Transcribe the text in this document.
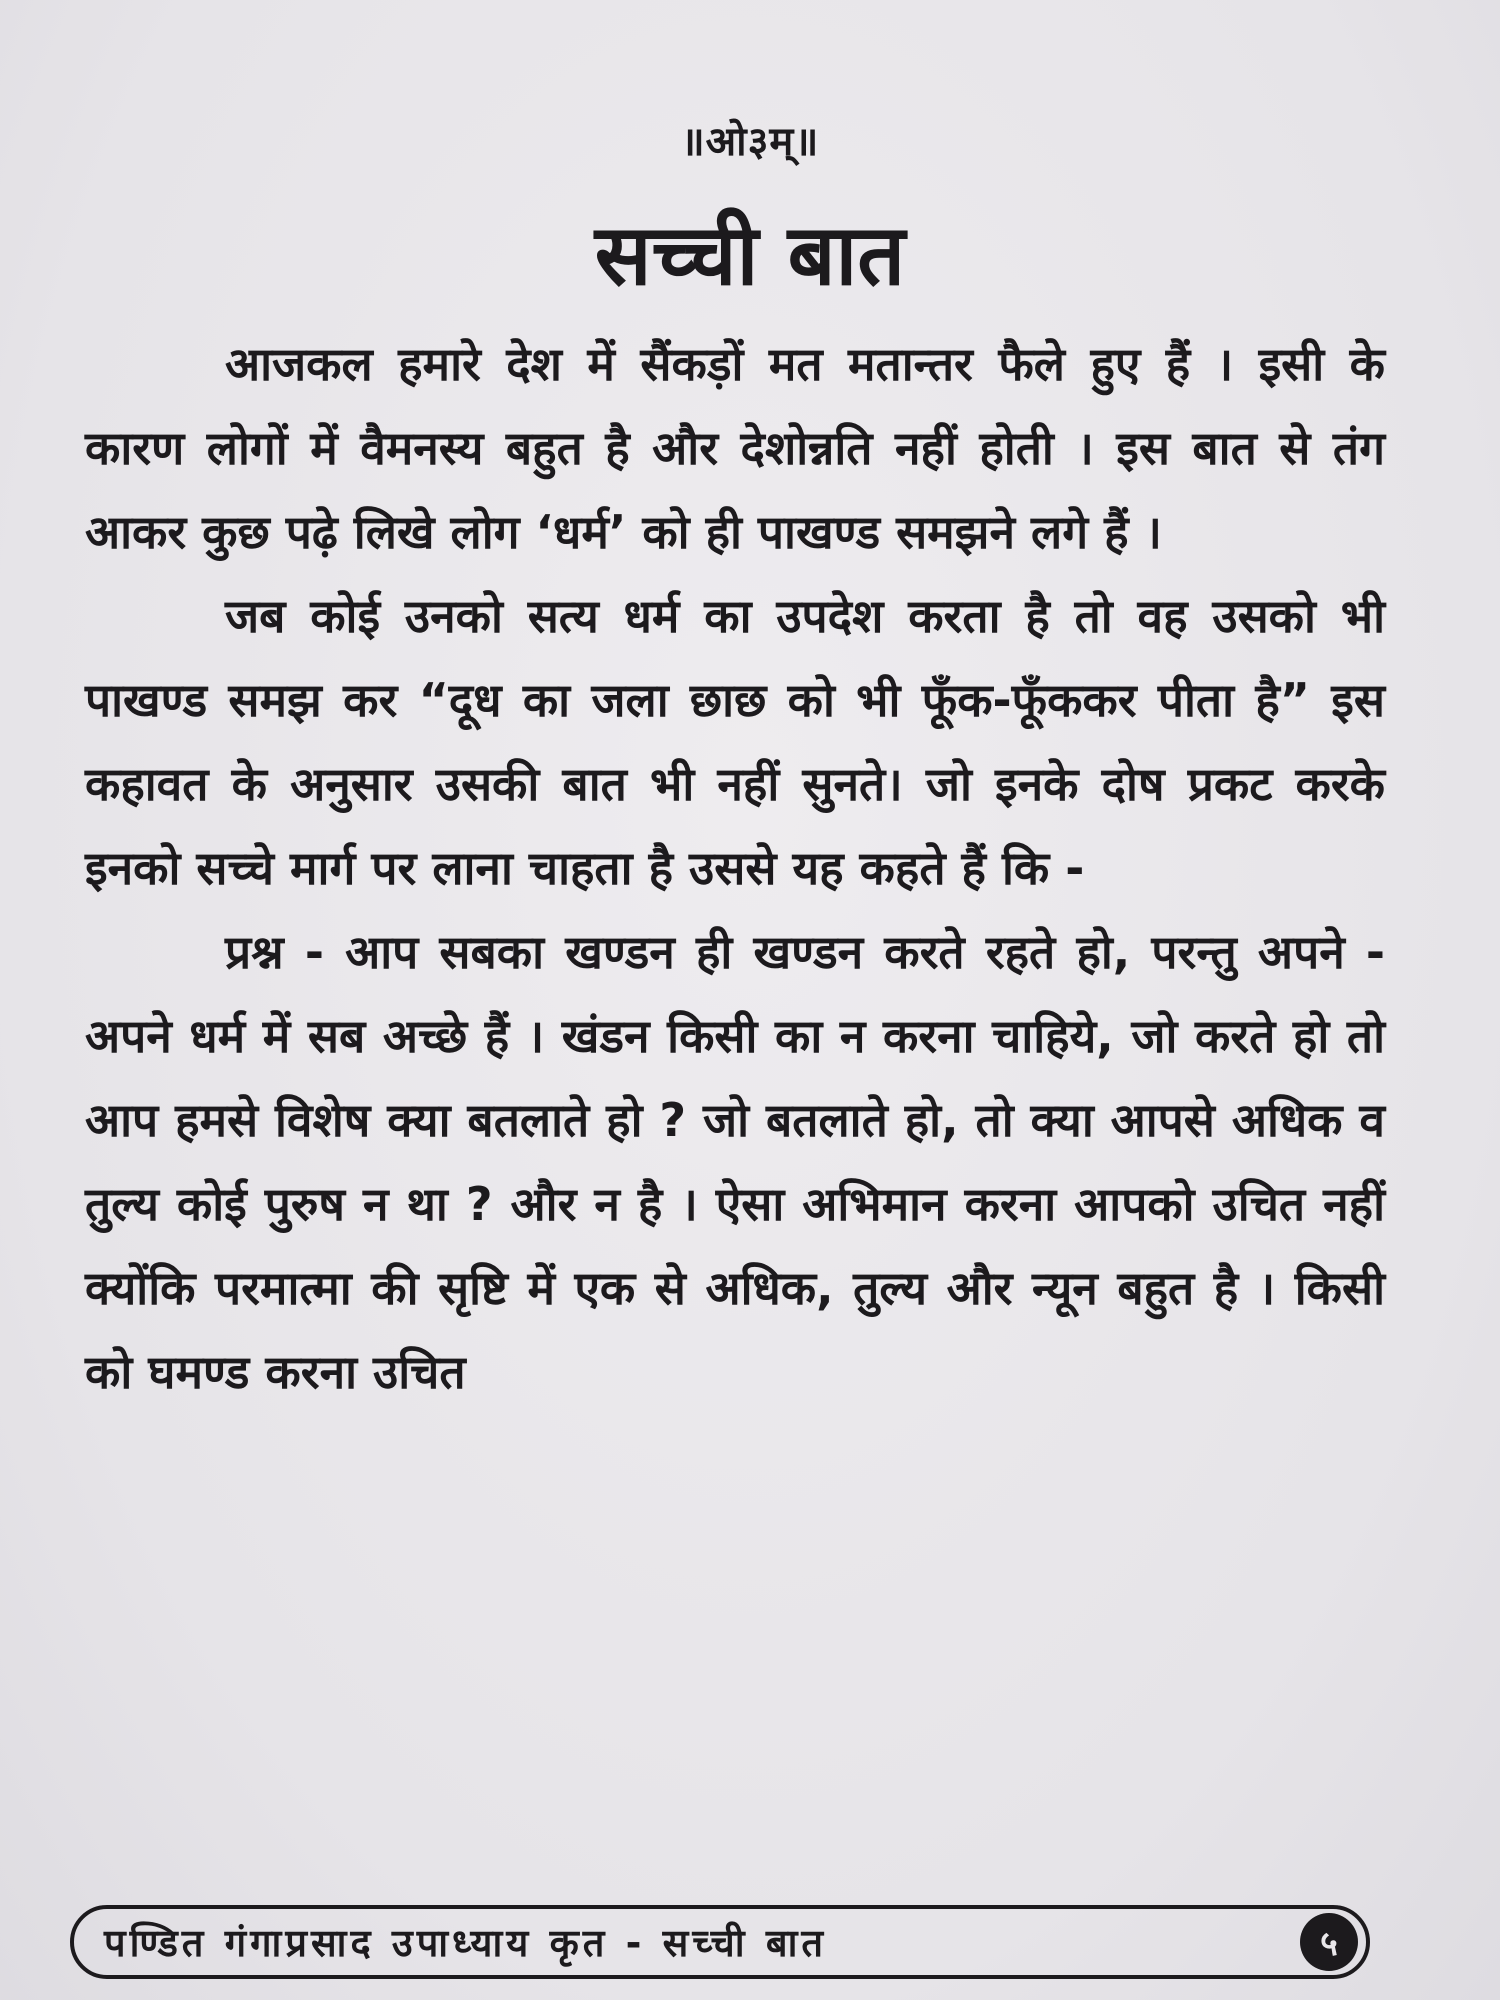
॥ओ३म्॥
सच्ची बात

आजकल हमारे देश में सैंकड़ों मत मतान्तर फैले हुए हैं । इसी के कारण लोगों में वैमनस्य बहुत है और देशोन्नति नहीं होती । इस बात से तंग आकर कुछ पढ़े लिखे लोग ‘धर्म’ को ही पाखण्ड समझने लगे हैं ।

जब कोई उनको सत्य धर्म का उपदेश करता है तो वह उसको भी पाखण्ड समझ कर “दूध का जला छाछ को भी फूँक-फूँककर पीता है” इस कहावत के अनुसार उसकी बात भी नहीं सुनते। जो इनके दोष प्रकट करके इनको सच्चे मार्ग पर लाना चाहता है उससे यह कहते हैं कि -

प्रश्न - आप सबका खण्डन ही खण्डन करते रहते हो, परन्तु अपने - अपने धर्म में सब अच्छे हैं । खंडन किसी का न करना चाहिये, जो करते हो तो आप हमसे विशेष क्या बतलाते हो ? जो बतलाते हो, तो क्या आपसे अधिक व तुल्य कोई पुरुष न था ? और न है । ऐसा अभिमान करना आपको उचित नहीं क्योंकि परमात्मा की सृष्टि में एक से अधिक, तुल्य और न्यून बहुत है । किसी को घमण्ड करना उचित

पण्डित गंगाप्रसाद उपाध्याय कृत - सच्ची बात	५
